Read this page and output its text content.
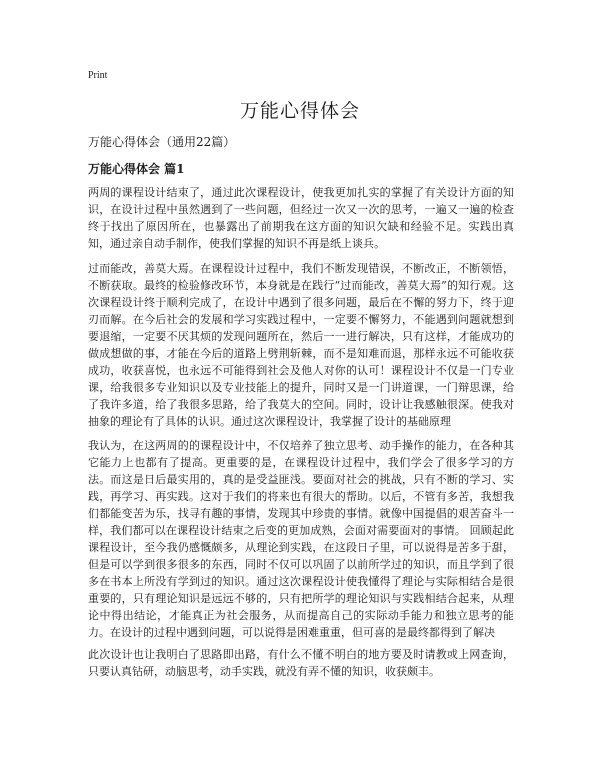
Print
万能心得体会

万能心得体会（通用22篇）

万能心得体会 篇1

两周的课程设计结束了，通过此次课程设计，使我更加扎实的掌握了有关设计方面的知识，在设计过程中虽然遇到了一些问题，但经过一次又一次的思考，一遍又一遍的检查终于找出了原因所在，也暴露出了前期我在这方面的知识欠缺和经验不足。实践出真知，通过亲自动手制作，使我们掌握的知识不再是纸上谈兵。

过而能改，善莫大焉。在课程设计过程中，我们不断发现错误，不断改正，不断领悟，不断获取。最终的检验修改环节，本身就是在践行“过而能改，善莫大焉”的知行观。这次课程设计终于顺利完成了，在设计中遇到了很多问题，最后在不懈的努力下，终于迎刃而解。在今后社会的发展和学习实践过程中，一定要不懈努力，不能遇到问题就想到要退缩，一定要不厌其烦的发现问题所在，然后一一进行解决，只有这样，才能成功的做成想做的事，才能在今后的道路上劈荆斩棘，而不是知难而退，那样永远不可能收获成功，收获喜悦，也永远不可能得到社会及他人对你的认可！课程设计不仅是一门专业课，给我很多专业知识以及专业技能上的提升，同时又是一门讲道课，一门辩思课，给了我许多道，给了我很多思路，给了我莫大的空间。同时，设计让我感触很深。使我对抽象的理论有了具体的认识。通过这次课程设计，我掌握了设计的基础原理

我认为，在这两周的的课程设计中，不仅培养了独立思考、动手操作的能力，在各种其它能力上也都有了提高。更重要的是，在课程设计过程中，我们学会了很多学习的方法。而这是日后最实用的，真的是受益匪浅。要面对社会的挑战，只有不断的学习、实践，再学习、再实践。这对于我们的将来也有很大的帮助。以后，不管有多苦，我想我们都能变苦为乐，找寻有趣的事情，发现其中珍贵的事情。就像中国提倡的艰苦奋斗一样，我们都可以在课程设计结束之后变的更加成熟，会面对需要面对的事情。 回顾起此课程设计，至今我仍感慨颇多，从理论到实践，在这段日子里，可以说得是苦多于甜，但是可以学到很多很多的东西，同时不仅可以巩固了以前所学过的知识，而且学到了很多在书本上所没有学到过的知识。通过这次课程设计使我懂得了理论与实际相结合是很重要的，只有理论知识是远远不够的，只有把所学的理论知识与实践相结合起来，从理论中得出结论，才能真正为社会服务，从而提高自己的实际动手能力和独立思考的能力。在设计的过程中遇到问题，可以说得是困难重重，但可喜的是最终都得到了解决

此次设计也让我明白了思路即出路，有什么不懂不明白的地方要及时请教或上网查询，只要认真钻研，动脑思考，动手实践，就没有弄不懂的知识，收获颇丰。
